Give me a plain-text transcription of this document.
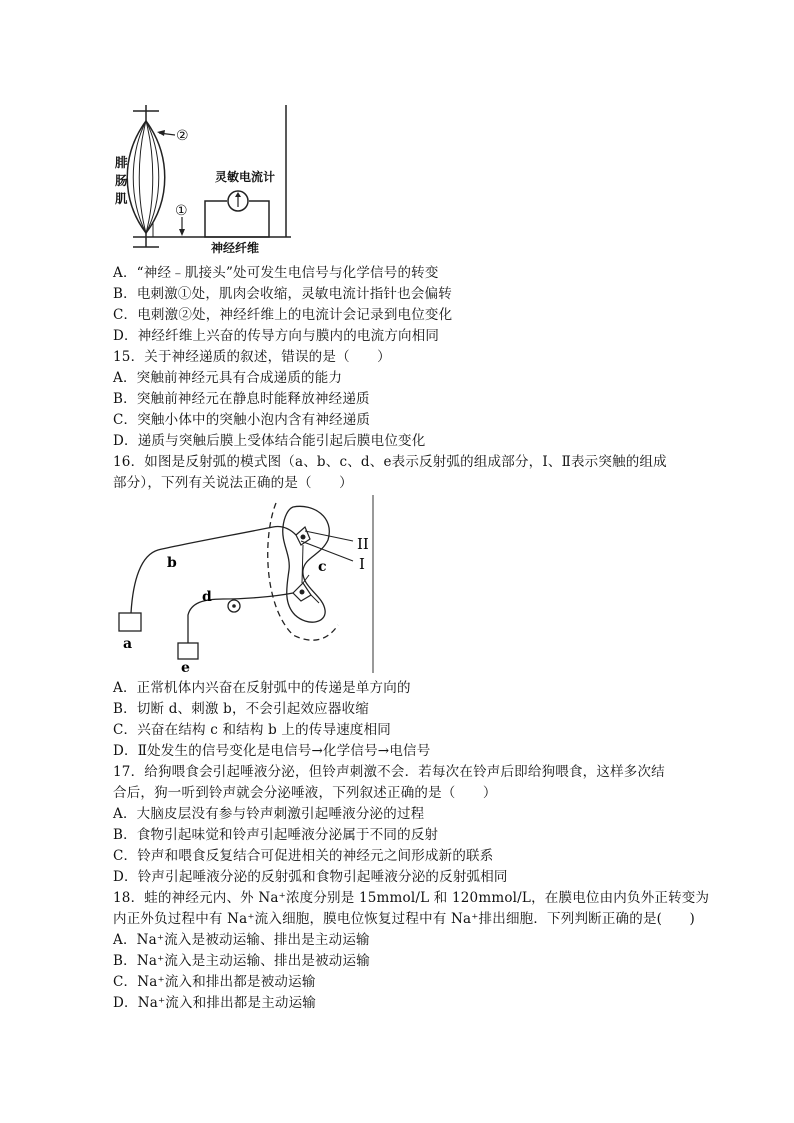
②
腓 肠 肌
①
灵敏电流计
神经纤维
A．“神经﹣肌接头”处可发生电信号与化学信号的转变
B．电刺激①处，肌肉会收缩，灵敏电流计指针也会偏转
C．电刺激②处，神经纤维上的电流计会记录到电位变化
D．神经纤维上兴奋的传导方向与膜内的电流方向相同
15．关于神经递质的叙述，错误的是（　　）
A．突触前神经元具有合成递质的能力
B．突触前神经元在静息时能释放神经递质
C．突触小体中的突触小泡内含有神经递质
D．递质与突触后膜上受体结合能引起后膜电位变化
16．如图是反射弧的模式图（a、b、c、d、e表示反射弧的组成部分，Ⅰ、Ⅱ表示突触的组成
部分），下列有关说法正确的是（　　）
a
b	c
d
e
II
I
A．正常机体内兴奋在反射弧中的传递是单方向的
B．切断 d、刺激 b，不会引起效应器收缩
C．兴奋在结构 c 和结构 b 上的传导速度相同
D．Ⅱ处发生的信号变化是电信号→化学信号→电信号
17．给狗喂食会引起唾液分泌，但铃声刺激不会．若每次在铃声后即给狗喂食，这样多次结
合后，狗一听到铃声就会分泌唾液，下列叙述正确的是（　　）
A．大脑皮层没有参与铃声刺激引起唾液分泌的过程
B．食物引起味觉和铃声引起唾液分泌属于不同的反射
C．铃声和喂食反复结合可促进相关的神经元之间形成新的联系
D．铃声引起唾液分泌的反射弧和食物引起唾液分泌的反射弧相同
18．蛙的神经元内、外 Na⁺浓度分别是 15mmol/L 和 120mmol/L，在膜电位由内负外正转变为
内正外负过程中有 Na⁺流入细胞，膜电位恢复过程中有 Na⁺排出细胞．下列判断正确的是(　　)
A．Na⁺流入是被动运输、排出是主动运输
B．Na⁺流入是主动运输、排出是被动运输
C．Na⁺流入和排出都是被动运输
D．Na⁺流入和排出都是主动运输
